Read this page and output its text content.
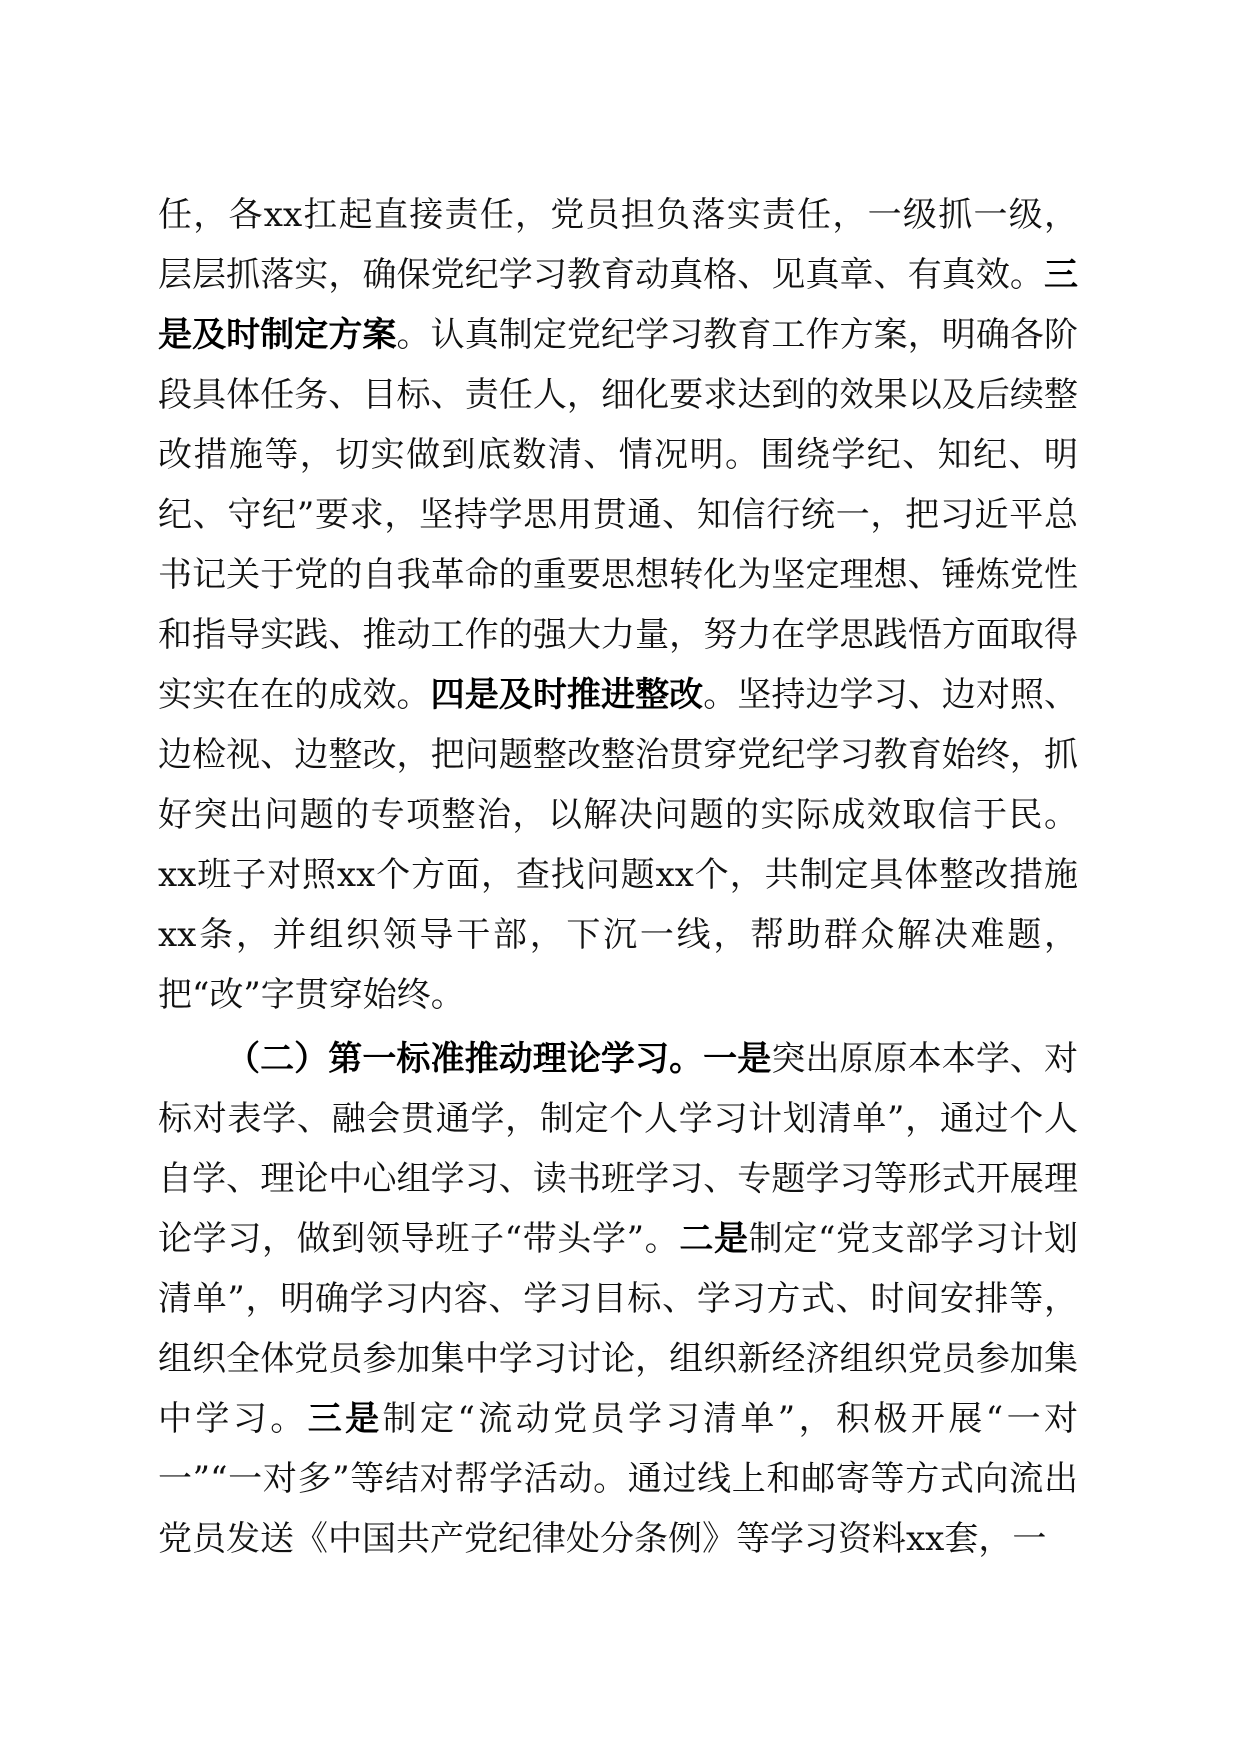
任，各xx扛起直接责任，党员担负落实责任，一级抓一级，层层抓落实，确保党纪学习教育动真格、见真章、有真效。三是及时制定方案。认真制定党纪学习教育工作方案，明确各阶段具体任务、目标、责任人，细化要求达到的效果以及后续整改措施等，切实做到底数清、情况明。围绕学纪、知纪、明纪、守纪”要求，坚持学思用贯通、知信行统一，把习近平总书记关于党的自我革命的重要思想转化为坚定理想、锤炼党性和指导实践、推动工作的强大力量，努力在学思践悟方面取得实实在在的成效。四是及时推进整改。坚持边学习、边对照、边检视、边整改，把问题整改整治贯穿党纪学习教育始终，抓好突出问题的专项整治，以解决问题的实际成效取信于民。xx班子对照xx个方面，查找问题xx个，共制定具体整改措施xx条，并组织领导干部，下沉一线，帮助群众解决难题，把“改”字贯穿始终。

（二）第一标准推动理论学习。一是突出原原本本学、对标对表学、融会贯通学，制定个人学习计划清单”，通过个人自学、理论中心组学习、读书班学习、专题学习等形式开展理论学习，做到领导班子“带头学”。二是制定“党支部学习计划清单”，明确学习内容、学习目标、学习方式、时间安排等，组织全体党员参加集中学习讨论，组织新经济组织党员参加集中学习。三是制定“流动党员学习清单”，积极开展“一对一”“一对多”等结对帮学活动。通过线上和邮寄等方式向流出党员发送《中国共产党纪律处分条例》等学习资料xx套，一
